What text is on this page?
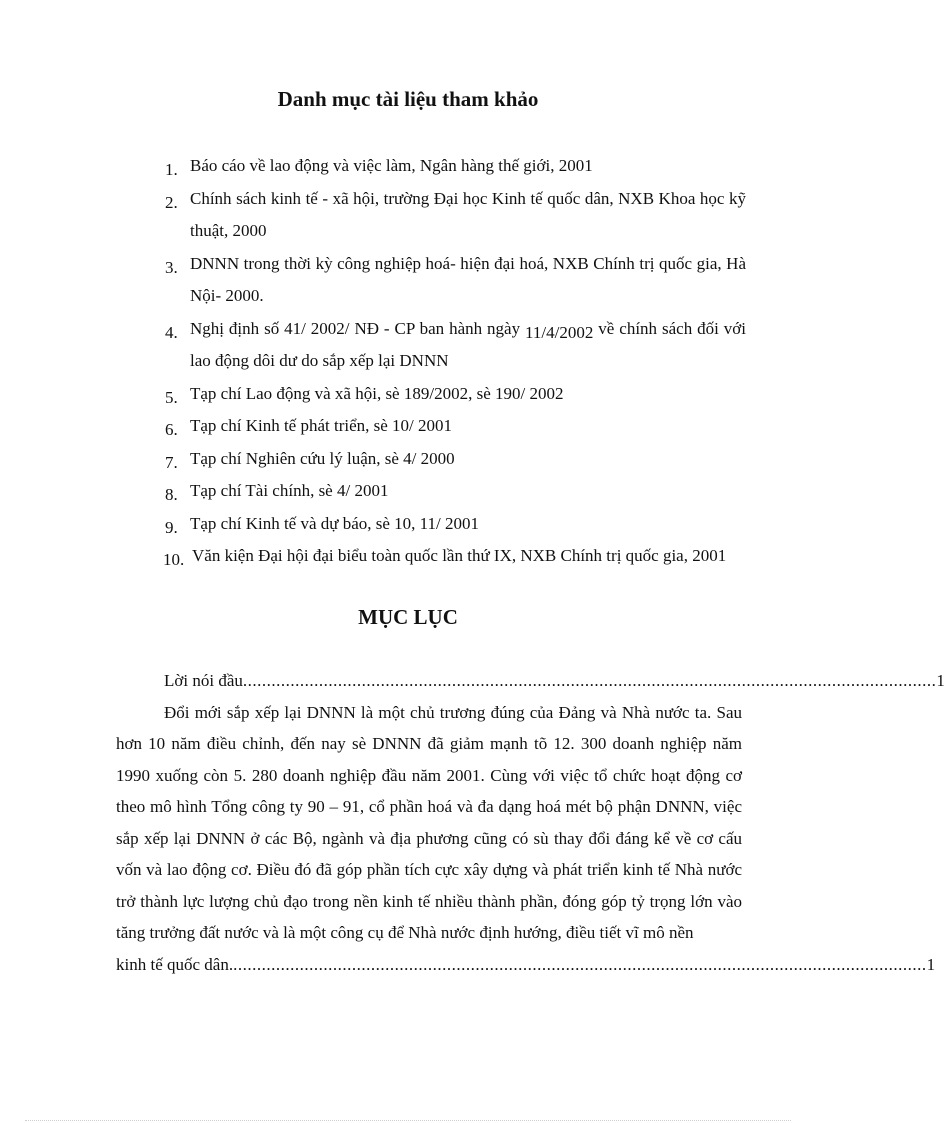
Danh mục tài liệu tham khảo
1. Báo cáo về lao động và việc làm, Ngân hàng thế giới, 2001
2. Chính sách kinh tế - xã hội, trường Đại học Kinh tế quốc dân, NXB Khoa học kỹ thuật, 2000
3. DNNN trong thời kỳ công nghiệp hoá- hiện đại hoá, NXB Chính trị quốc gia, Hà Nội- 2000.
4. Nghị định số 41/ 2002/ NĐ - CP ban hành ngày 11/4/2002 về chính sách đối với lao động dôi dư do sắp xếp lại DNNN
5. Tạp chí Lao động và xã hội, sè 189/2002, sè 190/ 2002
6. Tạp chí Kinh tế phát triển, sè 10/ 2001
7. Tạp chí Nghiên cứu lý luận, sè 4/ 2000
8. Tạp chí Tài chính, sè 4/ 2001
9. Tạp chí Kinh tế và dự báo, sè 10, 11/ 2001
10. Văn kiện Đại hội đại biểu toàn quốc lần thứ IX, NXB Chính trị quốc gia, 2001
MỤC LỤC
Lời nói đầu .................................................................................................................................................. 1

Đổi mới sắp xếp lại DNNN là một chủ trương đúng của Đảng và Nhà nước ta. Sau hơn 10 năm điều chỉnh, đến nay sè DNNN đã giảm mạnh tõ 12. 300 doanh nghiệp năm 1990 xuống còn 5. 280 doanh nghiệp đầu năm 2001. Cùng với việc tổ chức hoạt động cơ theo mô hình Tổng công ty 90 – 91, cổ phần hoá và đa dạng hoá mét bộ phận DNNN, việc sắp xếp lại DNNN ở các Bộ, ngành và địa phương cũng có sù thay đổi đáng kể về cơ cấu vốn và lao động cơ. Điều đó đã góp phần tích cực xây dựng và phát triển kinh tế Nhà nước trở thành lực lượng chủ đạo trong nền kinh tế nhiều thành phần, đóng góp tỷ trọng lớn vào tăng trưởng đất nước và là một công cụ để Nhà nước định hướng, điều tiết vĩ mô nền

kinh tế quốc dân. .................................................................................................................................................. 1
